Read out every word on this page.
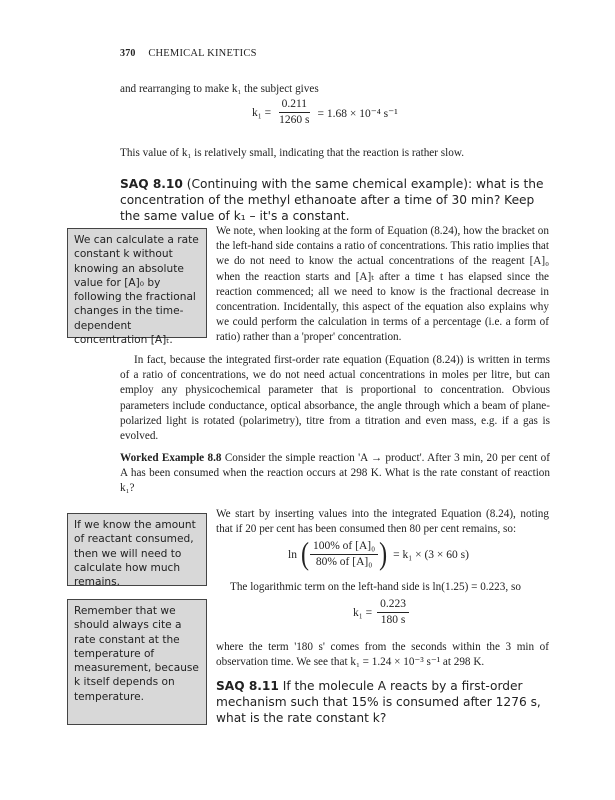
370 CHEMICAL KINETICS
and rearranging to make k₁ the subject gives
$k_1 = \frac{0.211}{1260 s} = 1.68 \times 10^{-4}$ s⁻¹
This value of k₁ is relatively small, indicating that the reaction is rather slow.
SAQ 8.10 (Continuing with the same chemical example): what is the concentration of the methyl ethanoate after a time of 30 min? Keep the same value of k₁ – it's a constant.
We can calculate a rate constant k without knowing an absolute value for [A]₀ by following the fractional changes in the time-dependent concentration [A]ₜ.
We note, when looking at the form of Equation (8.24), how the bracket on the left-hand side contains a ratio of concentrations. This ratio implies that we do not need to know the actual concentrations of the reagent [A]₀ when the reaction starts and [A]ₜ after a time t has elapsed since the reaction commenced; all we need to know is the fractional decrease in concentration. Incidentally, this aspect of the equation also explains why we could perform the calculation in terms of a percentage (i.e. a form of ratio) rather than a 'proper' concentration.
In fact, because the integrated first-order rate equation (Equation (8.24)) is written in terms of a ratio of concentrations, we do not need actual concentrations in moles per litre, but can employ any physicochemical parameter that is proportional to concentration. Obvious parameters include conductance, optical absorbance, the angle through which a beam of plane-polarized light is rotated (polarimetry), titre from a titration and even mass, e.g. if a gas is evolved.
Worked Example 8.8 Consider the simple reaction 'A → product'. After 3 min, 20 per cent of A has been consumed when the reaction occurs at 298 K. What is the rate constant of reaction k₁?
If we know the amount of reactant consumed, then we will need to calculate how much remains.
We start by inserting values into the integrated Equation (8.24), noting that if 20 per cent has been consumed then 80 per cent remains, so:
ln ( $\frac{\text{100\% of [A]₀}}{\text{80\% of [A]₀}}$ ) = k₁ × (3 × 60 s)
The logarithmic term on the left-hand side is ln(1.25) = 0.223, so
$k_1 = \frac{0.223}{180 s}$
Remember that we should always cite a rate constant at the temperature of measurement, because k itself depends on temperature.
where the term '180 s' comes from the seconds within the 3 min of observation time. We see that k₁ = 1.24 × 10⁻³ s⁻¹ at 298 K.
SAQ 8.11 If the molecule A reacts by a first-order mechanism such that 15% is consumed after 1276 s, what is the rate constant k?
